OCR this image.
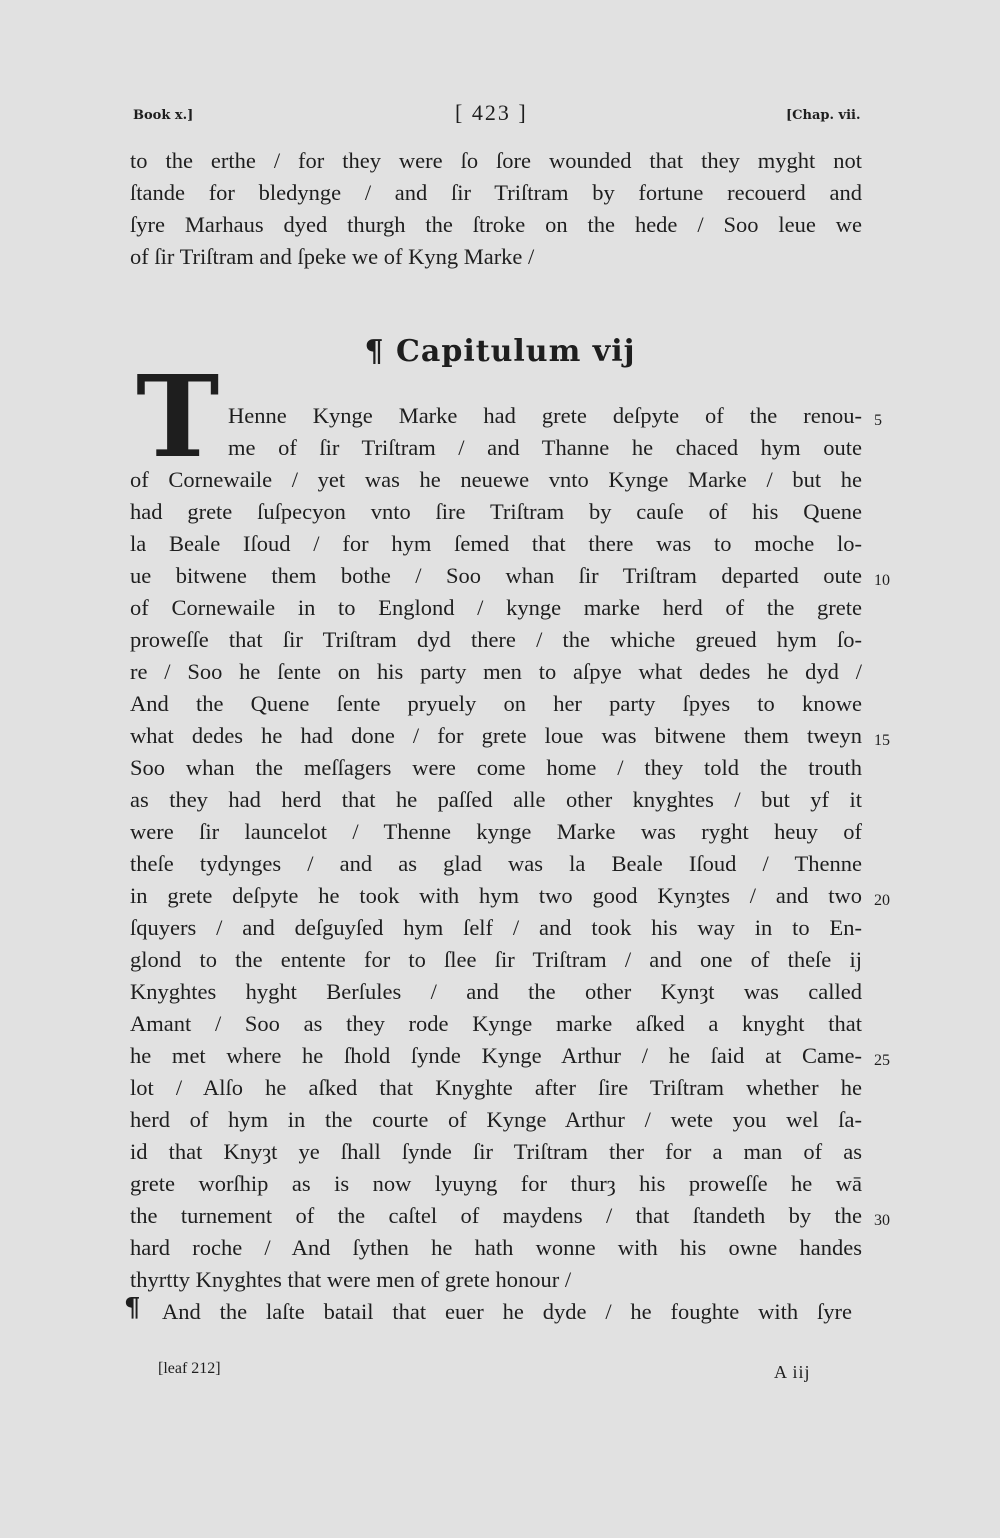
Book x.]	[ 423 ]	[Chap. vii.
to the erthe / for they were ſo ſore wounded that they myght not
ſtande for bledynge / and ſir Triſtram by fortune recouerd and
ſyre Marhaus dyed thurgh the ſtroke on the hede / Soo leue we
of ſir Triſtram and ſpeke we of Kyng Marke /
¶ Capitulum vij
T Henne Kynge Marke had grete deſpyte of the renou-
me of ſir Triſtram / and Thanne he chaced hym oute
of Cornewaile / yet was he neuewe vnto Kynge Marke / but he
had grete ſuſpecyon vnto ſire Triſtram by cauſe of his Quene
la Beale Iſoud / for hym ſemed that there was to moche lo-
ue bitwene them bothe / Soo whan ſir Triſtram departed oute
of Cornewaile in to Englond / kynge marke herd of the grete
proweſſe that ſir Triſtram dyd there / the whiche greued hym ſo-
re / Soo he ſente on his party men to aſpye what dedes he dyd /
And the Quene ſente pryuely on her party ſpyes to knowe
what dedes he had done / for grete loue was bitwene them tweyn
Soo whan the meſſagers were come home / they told the trouth
as they had herd that he paſſed alle other knyghtes / but yf it
were ſir launcelot / Thenne kynge Marke was ryght heuy of
theſe tydynges / and as glad was la Beale Iſoud / Thenne
in grete deſpyte he took with hym two good Kynȝtes / and two
ſquyers / and deſguyſed hym ſelf / and took his way in to En-
glond to the entente for to ſlee ſir Triſtram / and one of theſe ij
Knyghtes hyght Berſules / and the other Kynȝt was called
Amant / Soo as they rode Kynge marke aſked a knyght that
he met where he ſhold ſynde Kynge Arthur / he ſaid at Came-
lot / Alſo he aſked that Knyghte after ſire Triſtram whether he
herd of hym in the courte of Kynge Arthur / wete you wel ſa-
id that Knyȝt ye ſhall ſynde ſir Triſtram ther for a man of as
grete worſhip as is now lyuyng for thurȝ his proweſſe he wā
the turnement of the caſtel of maydens / that ſtandeth by the
hard roche / And ſythen he hath wonne with his owne handes
thyrtty Knyghtes that were men of grete honour /
¶ And the laſte batail that euer he dyde / he foughte with ſyre
5
10
15
20
25
30
[leaf 212]	A iij
